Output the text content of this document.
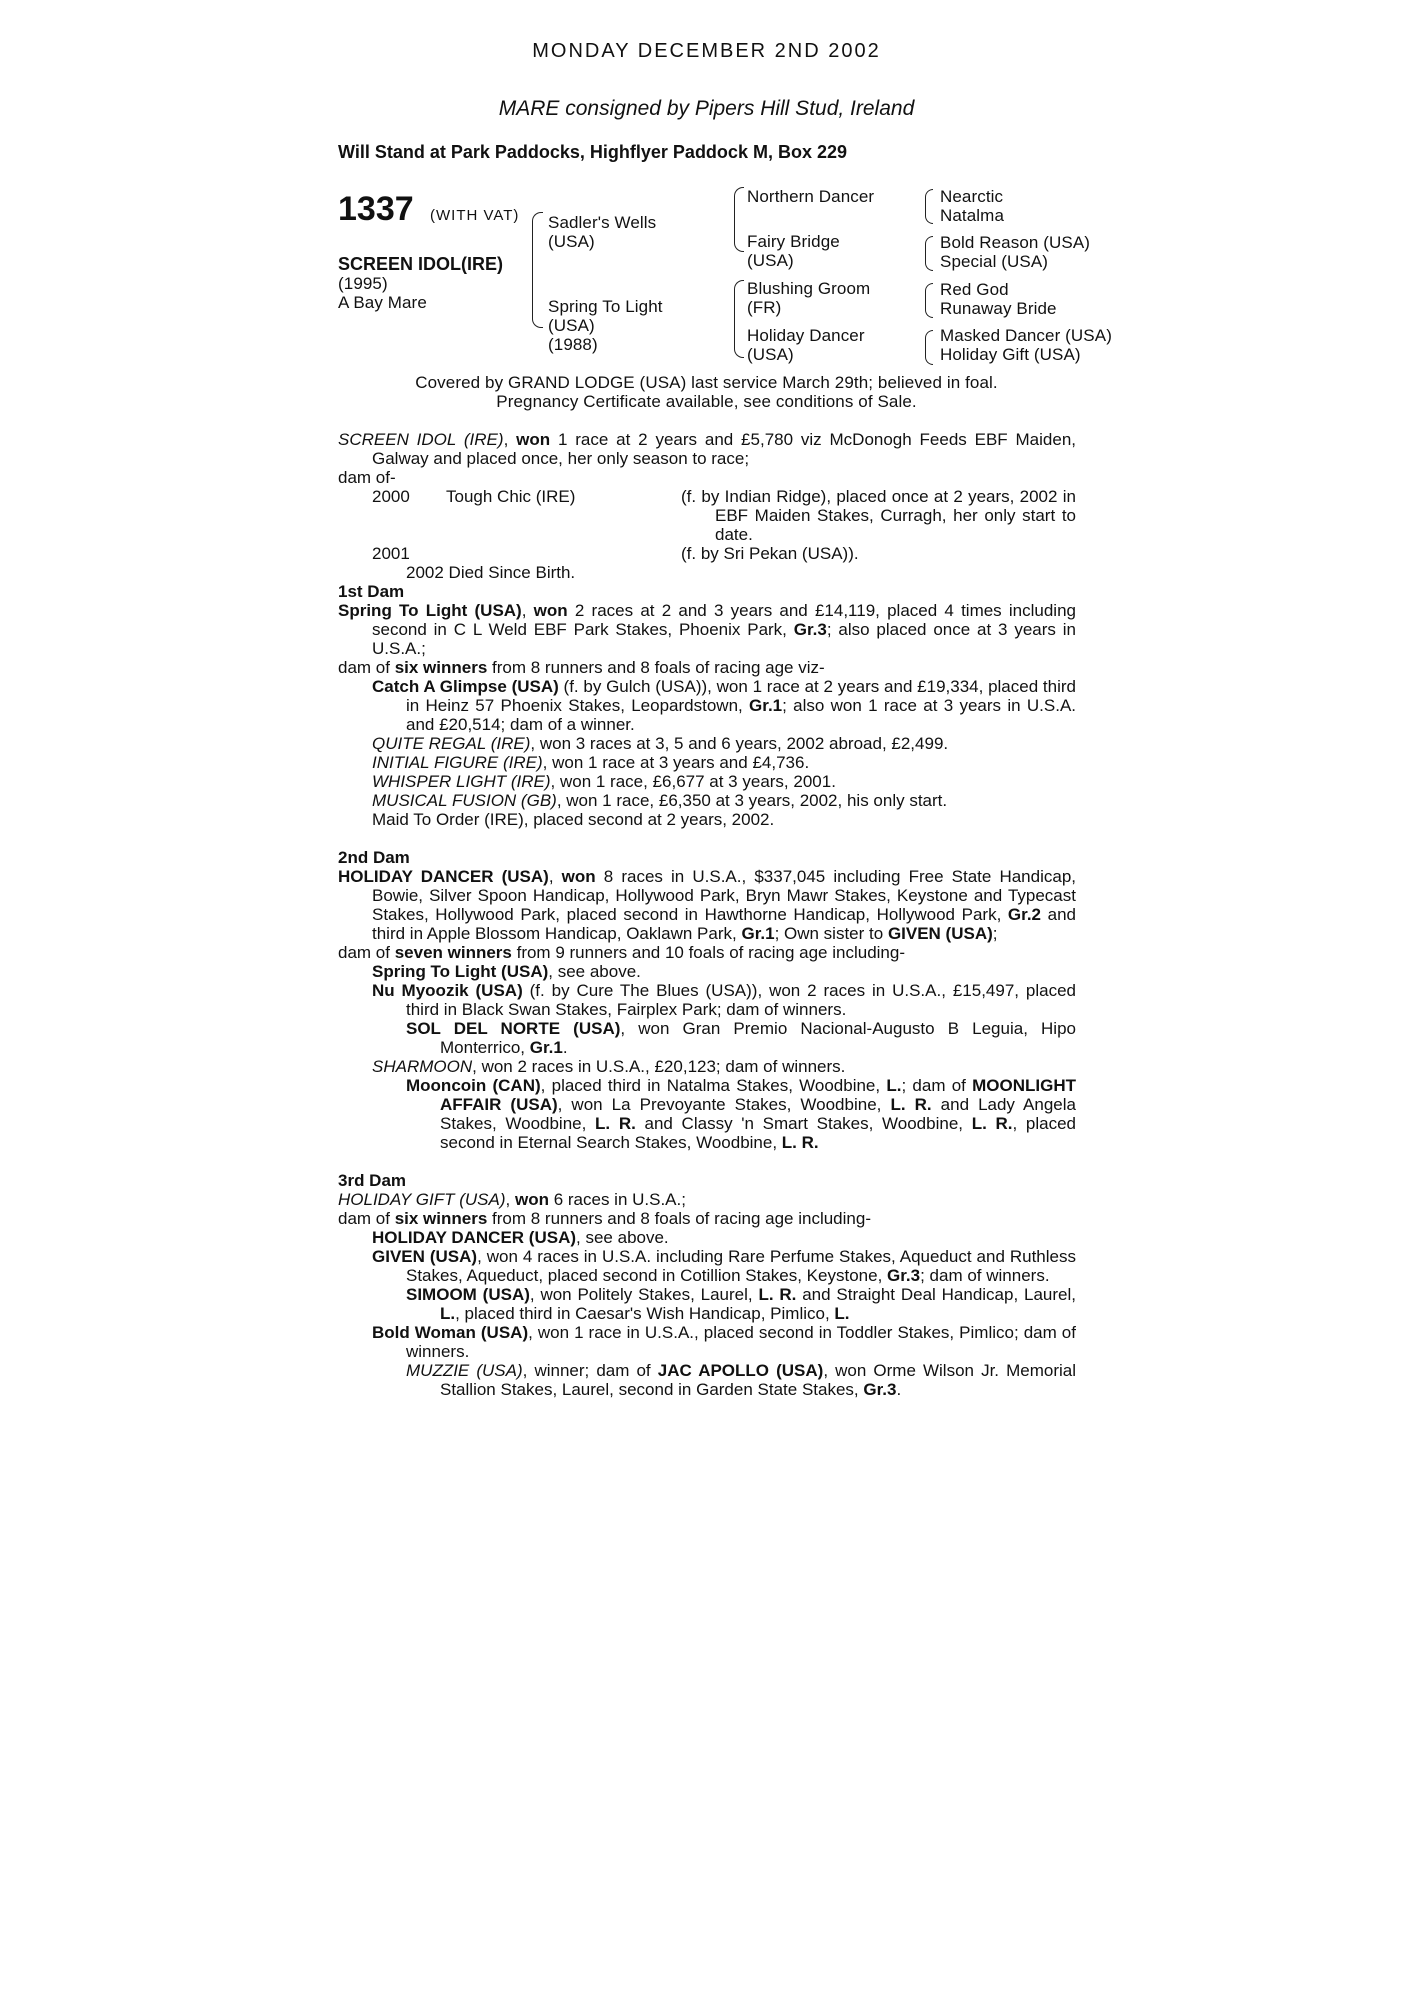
MONDAY DECEMBER 2ND 2002
MARE consigned by Pipers Hill Stud, Ireland
Will Stand at Park Paddocks, Highflyer Paddock M, Box 229
1337 (WITH VAT)
SCREEN IDOL(IRE)
(1995)
A Bay Mare
Sadler's Wells
(USA)
Spring To Light
(USA)
(1988)
Northern Dancer
Fairy Bridge
(USA)
Blushing Groom
(FR)
Holiday Dancer
(USA)
Nearctic
Natalma
Bold Reason (USA)
Special (USA)
Red God
Runaway Bride
Masked Dancer (USA)
Holiday Gift (USA)
Covered by GRAND LODGE (USA) last service March 29th; believed in foal.
Pregnancy Certificate available, see conditions of Sale.

SCREEN IDOL (IRE), won 1 race at 2 years and £5,780 viz McDonogh Feeds EBF Maiden, Galway and placed once, her only season to race;

dam of-

2000 Tough Chic (IRE)	(f. by Indian Ridge), placed once at 2 years, 2002 in EBF Maiden Stakes, Curragh, her only start to date.

2001	(f. by Sri Pekan (USA)).

2002 Died Since Birth.

1st Dam

Spring To Light (USA), won 2 races at 2 and 3 years and £14,119, placed 4 times including second in C L Weld EBF Park Stakes, Phoenix Park, Gr.3; also placed once at 3 years in U.S.A.;

dam of six winners from 8 runners and 8 foals of racing age viz-

Catch A Glimpse (USA) (f. by Gulch (USA)), won 1 race at 2 years and £19,334, placed third in Heinz 57 Phoenix Stakes, Leopardstown, Gr.1; also won 1 race at 3 years in U.S.A. and £20,514; dam of a winner.

QUITE REGAL (IRE), won 3 races at 3, 5 and 6 years, 2002 abroad, £2,499.

INITIAL FIGURE (IRE), won 1 race at 3 years and £4,736.

WHISPER LIGHT (IRE), won 1 race, £6,677 at 3 years, 2001.

MUSICAL FUSION (GB), won 1 race, £6,350 at 3 years, 2002, his only start.

Maid To Order (IRE), placed second at 2 years, 2002.

2nd Dam

HOLIDAY DANCER (USA), won 8 races in U.S.A., $337,045 including Free State Handicap, Bowie, Silver Spoon Handicap, Hollywood Park, Bryn Mawr Stakes, Keystone and Typecast Stakes, Hollywood Park, placed second in Hawthorne Handicap, Hollywood Park, Gr.2 and third in Apple Blossom Handicap, Oaklawn Park, Gr.1; Own sister to GIVEN (USA);

dam of seven winners from 9 runners and 10 foals of racing age including-

Spring To Light (USA), see above.

Nu Myoozik (USA) (f. by Cure The Blues (USA)), won 2 races in U.S.A., £15,497, placed third in Black Swan Stakes, Fairplex Park; dam of winners.

SOL DEL NORTE (USA), won Gran Premio Nacional-Augusto B Leguia, Hipo Monterrico, Gr.1.

SHARMOON, won 2 races in U.S.A., £20,123; dam of winners.

Mooncoin (CAN), placed third in Natalma Stakes, Woodbine, L.; dam of MOONLIGHT AFFAIR (USA), won La Prevoyante Stakes, Woodbine, L. R. and Lady Angela Stakes, Woodbine, L. R. and Classy 'n Smart Stakes, Woodbine, L. R., placed second in Eternal Search Stakes, Woodbine, L. R.

3rd Dam

HOLIDAY GIFT (USA), won 6 races in U.S.A.;

dam of six winners from 8 runners and 8 foals of racing age including-

HOLIDAY DANCER (USA), see above.

GIVEN (USA), won 4 races in U.S.A. including Rare Perfume Stakes, Aqueduct and Ruthless Stakes, Aqueduct, placed second in Cotillion Stakes, Keystone, Gr.3; dam of winners.

SIMOOM (USA), won Politely Stakes, Laurel, L. R. and Straight Deal Handicap, Laurel, L., placed third in Caesar's Wish Handicap, Pimlico, L.

Bold Woman (USA), won 1 race in U.S.A., placed second in Toddler Stakes, Pimlico; dam of winners.

MUZZIE (USA), winner; dam of JAC APOLLO (USA), won Orme Wilson Jr. Memorial Stallion Stakes, Laurel, second in Garden State Stakes, Gr.3.
